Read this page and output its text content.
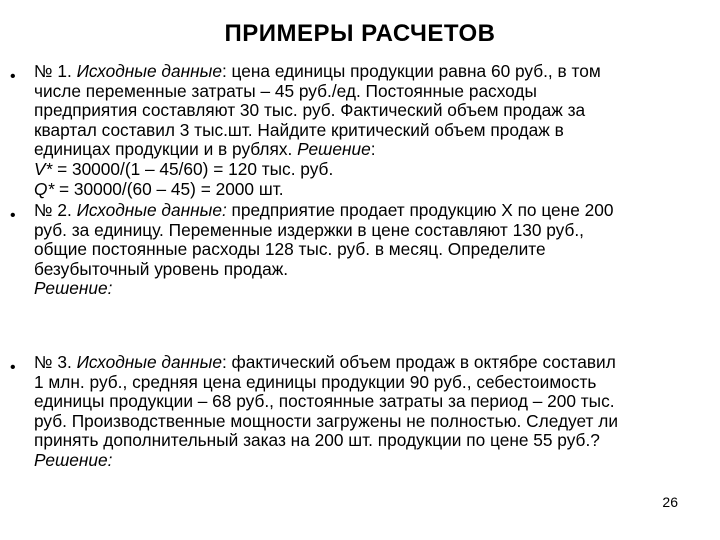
ПРИМЕРЫ РАСЧЕТОВ
• № 1. Исходные данные: цена единицы продукции равна 60 руб., в том
числе переменные затраты – 45 руб./ед. Постоянные расходы
предприятия составляют 30 тыс. руб. Фактический объем продаж за
квартал составил 3 тыс.шт. Найдите критический объем продаж в
единицах продукции и в рублях. Решение:
V* = 30000/(1 – 45/60) = 120 тыс. руб.
Q* = 30000/(60 – 45) = 2000 шт.
• № 2. Исходные данные: предприятие продает продукцию Х по цене 200
руб. за единицу. Переменные издержки в цене составляют 130 руб.,
общие постоянные расходы 128 тыс. руб. в месяц. Определите
безубыточный уровень продаж.
Решение:
• № 3. Исходные данные: фактический объем продаж в октябре составил
1 млн. руб., средняя цена единицы продукции 90 руб., себестоимость
единицы продукции – 68 руб., постоянные затраты за период – 200 тыс.
руб. Производственные мощности загружены не полностью. Следует ли
принять дополнительный заказ на 200 шт. продукции по цене 55 руб.?
Решение:
26
